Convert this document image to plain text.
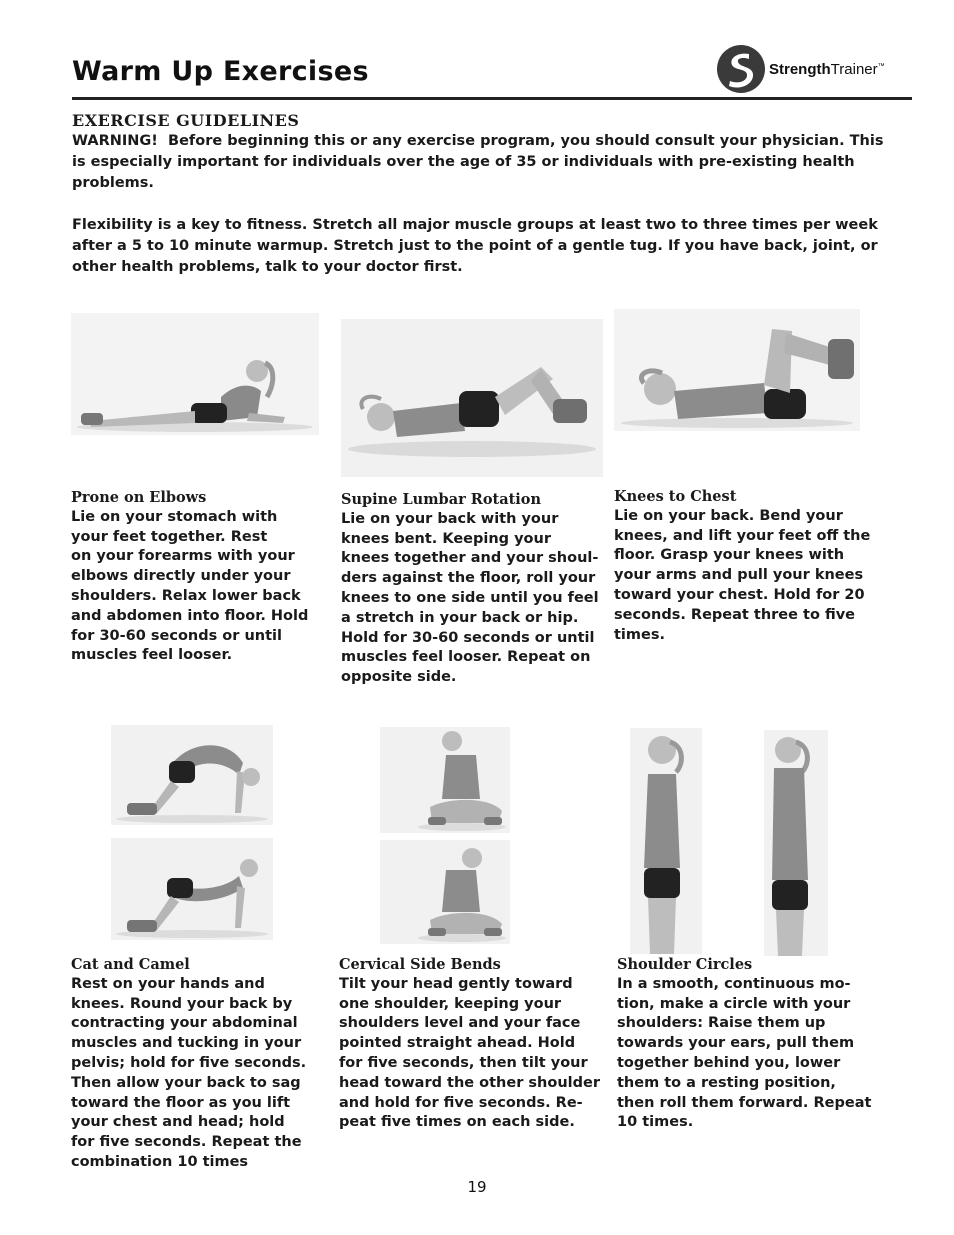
Warm Up Exercises	StrengthTrainer™
EXERCISE GUIDELINES

WARNING! Before beginning this or any exercise program, you should consult your physician. This is especially important for individuals over the age of 35 or individuals with pre-existing health problems.

Flexibility is a key to fitness. Stretch all major muscle groups at least two to three times per week after a 5 to 10 minute warmup. Stretch just to the point of a gentle tug. If you have back, joint, or other health problems, talk to your doctor first.

Prone on Elbows
Lie on your stomach with
your feet together. Rest
on your forearms with your
elbows directly under your
shoulders. Relax lower back
and abdomen into floor. Hold
for 30-60 seconds or until
muscles feel looser.
Supine Lumbar Rotation
Lie on your back with your
knees bent. Keeping your
knees together and your shoul-
ders against the floor, roll your
knees to one side until you feel
a stretch in your back or hip.
Hold for 30-60 seconds or until
muscles feel looser. Repeat on
opposite side.
Knees to Chest
Lie on your back. Bend your
knees, and lift your feet off the
floor. Grasp your knees with
your arms and pull your knees
toward your chest. Hold for 20
seconds. Repeat three to five
times.
Cat and Camel
Rest on your hands and
knees. Round your back by
contracting your abdominal
muscles and tucking in your
pelvis; hold for five seconds.
Then allow your back to sag
toward the floor as you lift
your chest and head; hold
for five seconds. Repeat the
combination 10 times
Cervical Side Bends
Tilt your head gently toward
one shoulder, keeping your
shoulders level and your face
pointed straight ahead. Hold
for five seconds, then tilt your
head toward the other shoulder
and hold for five seconds. Re-
peat five times on each side.
Shoulder Circles
In a smooth, continuous mo-
tion, make a circle with your
shoulders: Raise them up
towards your ears, pull them
together behind you, lower
them to a resting position,
then roll them forward. Repeat
10 times.
19
